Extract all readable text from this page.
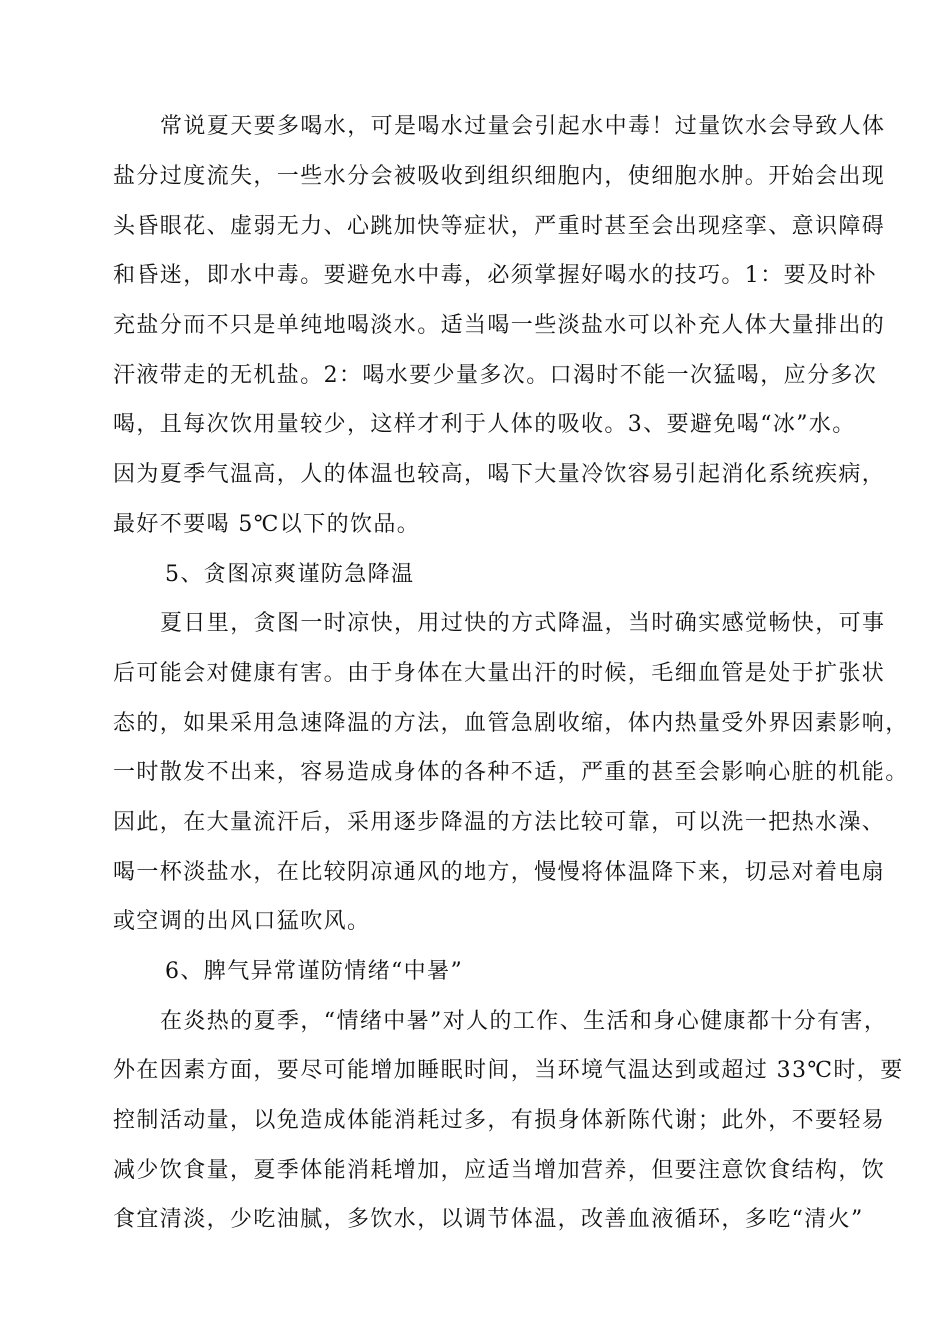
常说夏天要多喝水，可是喝水过量会引起水中毒！过量饮水会导致人体
盐分过度流失，一些水分会被吸收到组织细胞内，使细胞水肿。开始会出现
头昏眼花、虚弱无力、心跳加快等症状，严重时甚至会出现痉挛、意识障碍
和昏迷，即水中毒。要避免水中毒，必须掌握好喝水的技巧。1：要及时补
充盐分而不只是单纯地喝淡水。适当喝一些淡盐水可以补充人体大量排出的
汗液带走的无机盐。2：喝水要少量多次。口渴时不能一次猛喝，应分多次
喝，且每次饮用量较少，这样才利于人体的吸收。3、要避免喝“冰”水。
因为夏季气温高，人的体温也较高，喝下大量冷饮容易引起消化系统疾病，
最好不要喝 5℃以下的饮品。
5、贪图凉爽谨防急降温
夏日里，贪图一时凉快，用过快的方式降温，当时确实感觉畅快，可事
后可能会对健康有害。由于身体在大量出汗的时候，毛细血管是处于扩张状
态的，如果采用急速降温的方法，血管急剧收缩，体内热量受外界因素影响，
一时散发不出来，容易造成身体的各种不适，严重的甚至会影响心脏的机能。
因此，在大量流汗后，采用逐步降温的方法比较可靠，可以洗一把热水澡、
喝一杯淡盐水，在比较阴凉通风的地方，慢慢将体温降下来，切忌对着电扇
或空调的出风口猛吹风。
6、脾气异常谨防情绪“中暑”
在炎热的夏季，“情绪中暑”对人的工作、生活和身心健康都十分有害，
外在因素方面，要尽可能增加睡眠时间，当环境气温达到或超过 33℃时，要
控制活动量，以免造成体能消耗过多，有损身体新陈代谢；此外，不要轻易
减少饮食量，夏季体能消耗增加，应适当增加营养，但要注意饮食结构，饮
食宜清淡，少吃油腻，多饮水，以调节体温，改善血液循环，多吃“清火”
